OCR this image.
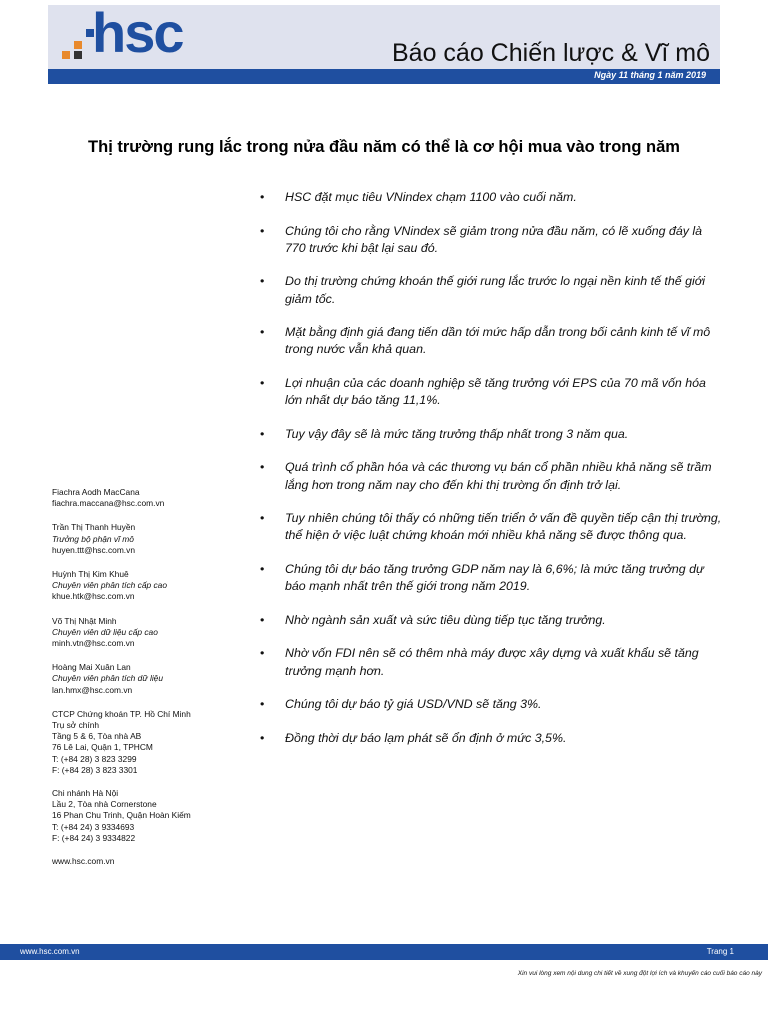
hsc	Báo cáo Chiến lược & Vĩ mô
Ngày 11 tháng 1 năm 2019
Thị trường rung lắc trong nửa đầu năm có thể là cơ hội mua vào trong năm
• HSC đặt mục tiêu VNindex chạm 1100 vào cuối năm.
• Chúng tôi cho rằng VNindex sẽ giảm trong nửa đầu năm, có lẽ xuống đáy là 770 trước khi bật lại sau đó.
• Do thị trường chứng khoán thế giới rung lắc trước lo ngại nền kinh tế thế giới giảm tốc.
• Mặt bằng định giá đang tiến dần tới mức hấp dẫn trong bối cảnh kinh tế vĩ mô trong nước vẫn khả quan.
• Lợi nhuận của các doanh nghiệp sẽ tăng trưởng với EPS của 70 mã vốn hóa lớn nhất dự báo tăng 11,1%.
• Tuy vậy đây sẽ là mức tăng trưởng thấp nhất trong 3 năm qua.
• Quá trình cổ phần hóa và các thương vụ bán cổ phần nhiều khả năng sẽ trầm lắng hơn trong năm nay cho đến khi thị trường ổn định trở lại.
• Tuy nhiên chúng tôi thấy có những tiến triển ở vấn đề quyền tiếp cận thị trường, thể hiện ở việc luật chứng khoán mới nhiều khả năng sẽ được thông qua.
• Chúng tôi dự báo tăng trưởng GDP năm nay là 6,6%; là mức tăng trưởng dự báo mạnh nhất trên thế giới trong năm 2019.
• Nhờ ngành sản xuất và sức tiêu dùng tiếp tục tăng trưởng.
• Nhờ vốn FDI nên sẽ có thêm nhà máy được xây dựng và xuất khẩu sẽ tăng trưởng mạnh hơn.
• Chúng tôi dự báo tỷ giá USD/VND sẽ tăng 3%.
• Đồng thời dự báo lạm phát sẽ ổn định ở mức 3,5%.
Fiachra Aodh MacCana
fiachra.maccana@hsc.com.vn
Trần Thị Thanh Huyền
Trưởng bộ phận vĩ mô
huyen.ttt@hsc.com.vn
Huỳnh Thị Kim Khuê
Chuyên viên phân tích cấp cao
khue.htk@hsc.com.vn
Võ Thị Nhật Minh
Chuyên viên dữ liệu cấp cao
minh.vtn@hsc.com.vn
Hoàng Mai Xuân Lan
Chuyên viên phân tích dữ liệu
lan.hmx@hsc.com.vn
CTCP Chứng khoán TP. Hồ Chí Minh
Trụ sở chính
Tầng 5 & 6, Tòa nhà AB
76 Lê Lai, Quận 1, TPHCM
T: (+84 28) 3 823 3299
F: (+84 28) 3 823 3301
Chi nhánh Hà Nội
Lầu 2, Tòa nhà Cornerstone
16 Phan Chu Trinh, Quận Hoàn Kiếm
T: (+84 24) 3 9334693
F: (+84 24) 3 9334822
www.hsc.com.vn
www.hsc.com.vn	Trang 1
Xin vui lòng xem nội dung chi tiết về xung đột lợi ích và khuyến cáo cuối báo cáo này
